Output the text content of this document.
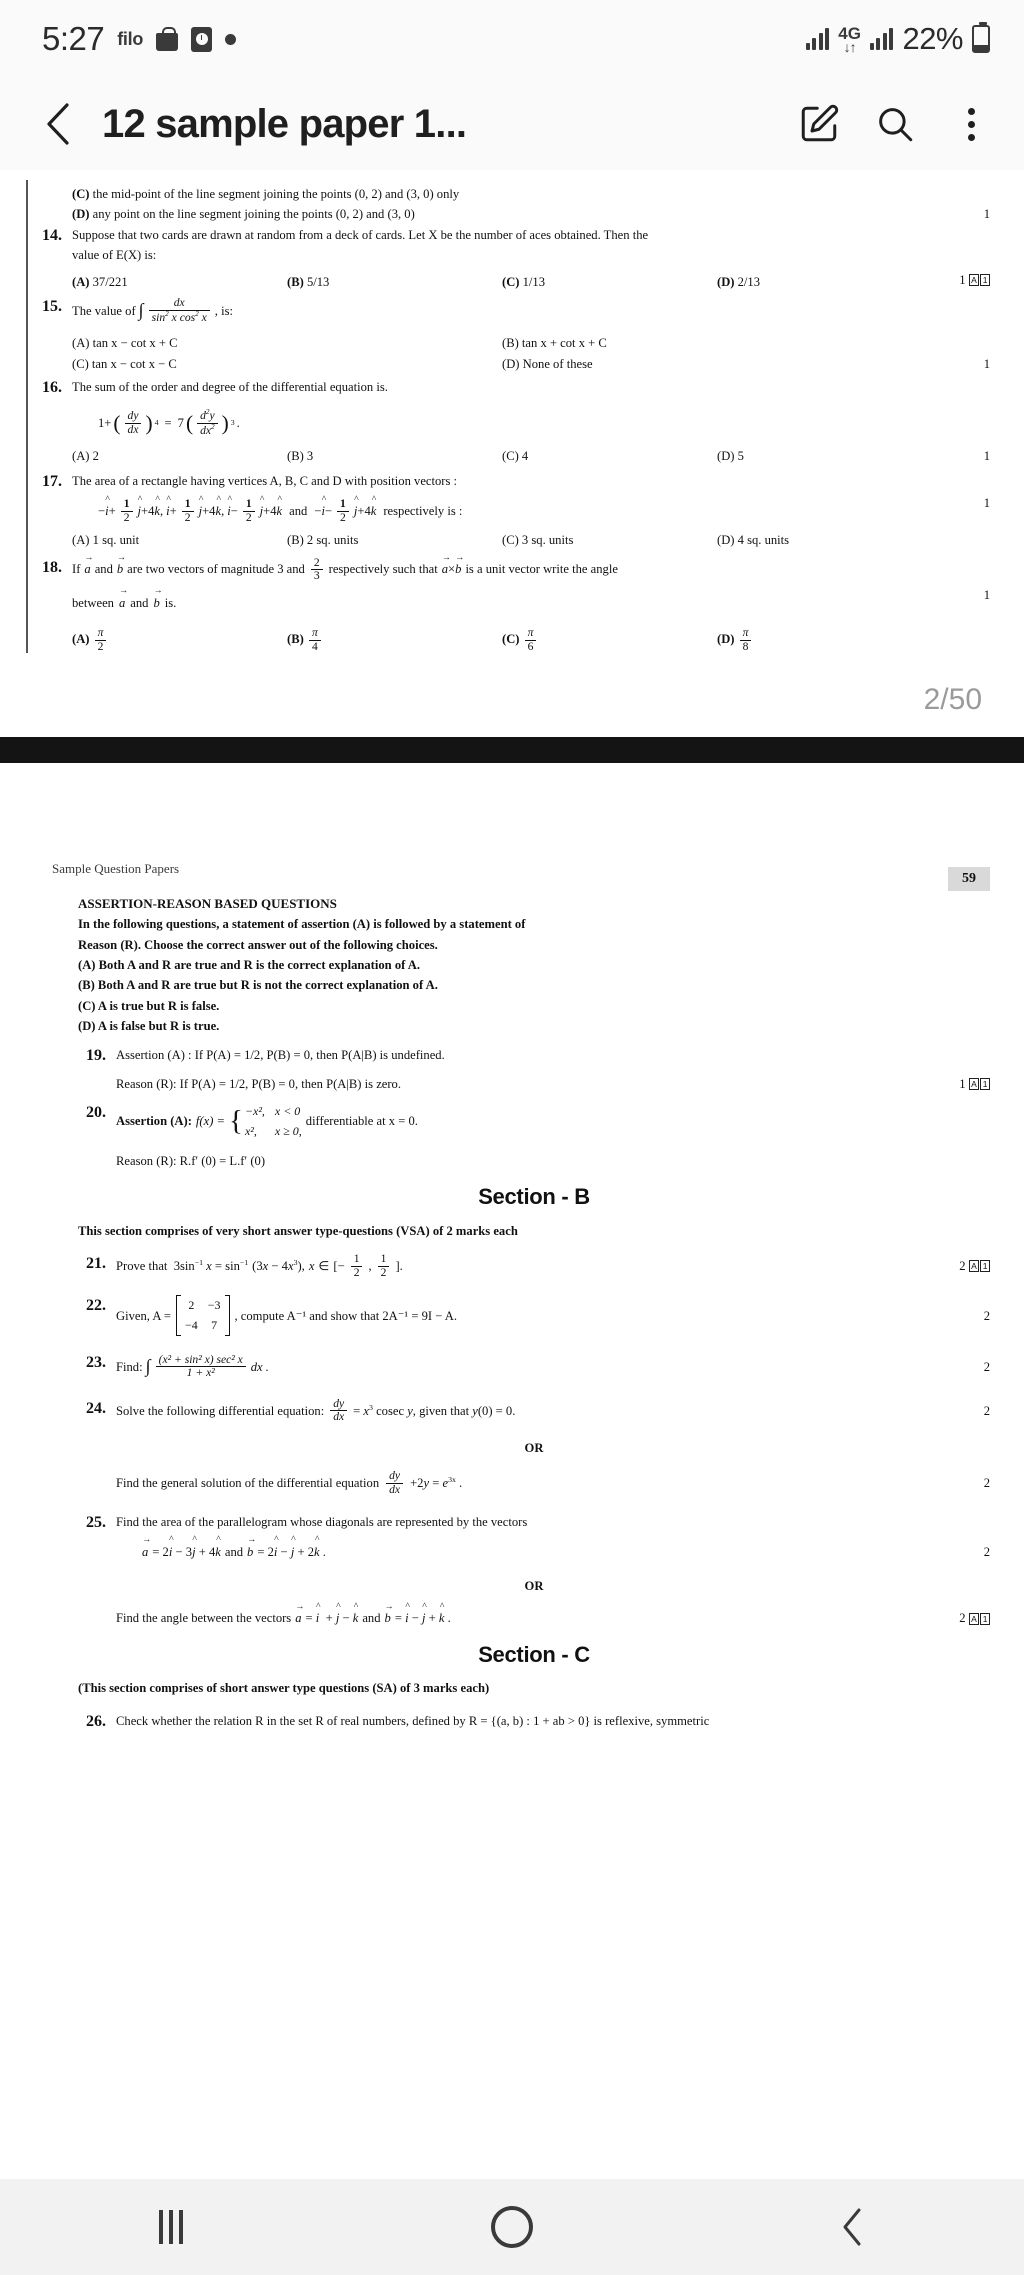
5:27 filo	4G
↓↑ 22%
12 sample paper 1...
(C) the mid-point of the line segment joining the points (0, 2) and (3, 0) only
(D) any point on the line segment joining the points (0, 2) and (3, 0)	1
14. Suppose that two cards are drawn at random from a deck of cards. Let X be the number of aces obtained. Then the
value of E(X) is:
(A) 37/221	(B) 5/13	(C) 1/13	(D) 2/13	1 A 1
15. The value of ∫ $\frac{dx}{\sin^2 x \cos^2 x}$ , is:
(A) tan x − cot x + C	(B) tan x + cot x + C
(C) tan x − cot x − C	(D) None of these	1
16. The sum of the order and degree of the differential equation is.
1+ ( $\frac{dy}{dx}$ ) 4 = 7 ( $\frac{d^2y}{dx^2}$ ) 3 .
(A) 2	(B) 3	(C) 4	(D) 5	1
17. The area of a rectangle having vertices A, B, C and D with position vectors :
−i ^+ $\frac{1}{2}$ j ^+4k ^, i ^+ $\frac{1}{2}$ j ^+4k ^, i ^− $\frac{1}{2}$ j ^+4k ^ and −i ^− $\frac{1}{2}$ j ^+4k ^ respectively is :
(A) 1 sq. unit	(B) 2 sq. units	(C) 3 sq. units	(D) 4 sq. units
1
18. If a → and b → are two vectors of magnitude 3 and $\frac{2}{3}$ respectively such that a →×b → is a unit vector write the angle
between a → and b → is.
$(A) \frac{\pi}{2}$	$(B) \frac{\pi}{4}$	$(C) \frac{\pi}{6}$	$(D) \frac{\pi}{8}$
1
2/50
59
Sample Question Papers
ASSERTION-REASON BASED QUESTIONS
In the following questions, a statement of assertion (A) is followed by a statement of
Reason (R). Choose the correct answer out of the following choices.
(A) Both A and R are true and R is the correct explanation of A.
(B) Both A and R are true but R is not the correct explanation of A.
(C) A is true but R is false.
(D) A is false but R is true.
19. Assertion (A) : If P(A) = 1/2, P(B) = 0, then P(A|B) is undefined.
Reason (R): If P(A) = 1/2, P(B) = 0, then P(A|B) is zero.	1 A 1
20.
Assertion (A): f(x) = { −x², x < 0
x²,	x ≥ 0,
differentiable at x = 0.
Reason (R): R.f′ (0) = L.f′ (0)
Section - B
This section comprises of very short answer type-questions (VSA) of 2 marks each
21. Prove that  $3\sin^{-1}$ $x = \sin^{-1} (3x - 4x^3)$, x ∈ [− $\frac{1}{2}$ , $\frac{1}{2}$ ].	2 A 1
22.
Given, A =
2 −3
−4 7
, compute A⁻¹ and show that 2A⁻¹ = 9I − A.	2
23. Find: ∫ $\frac{\text{(x² + sin² x) sec² x}}{\text{1 + x²}}$ dx .	2
24. Solve the following differential equation: $\frac{dy}{dx} = x^3$ cosec y, given that y(0) = 0.	2
OR
Find the general solution of the differential equation $\frac{dy}{dx} +2y = e^{3x}$ .	2
25. Find the area of the parallelogram whose diagonals are represented by the vectors
a → = 2i ^ − 3j ^ + 4k ^ and b → = 2i ^ − j ^ + 2k ^ .	2
OR
Find the angle between the vectors a → = i ^  + j ^ − k ^ and b → = i ^ − j ^ + k ^ .	2 A 1
Section - C
(This section comprises of short answer type questions (SA) of 3 marks each)
26. Check whether the relation R in the set R of real numbers, defined by R = {(a, b) : 1 + ab > 0} is reflexive, symmetric
